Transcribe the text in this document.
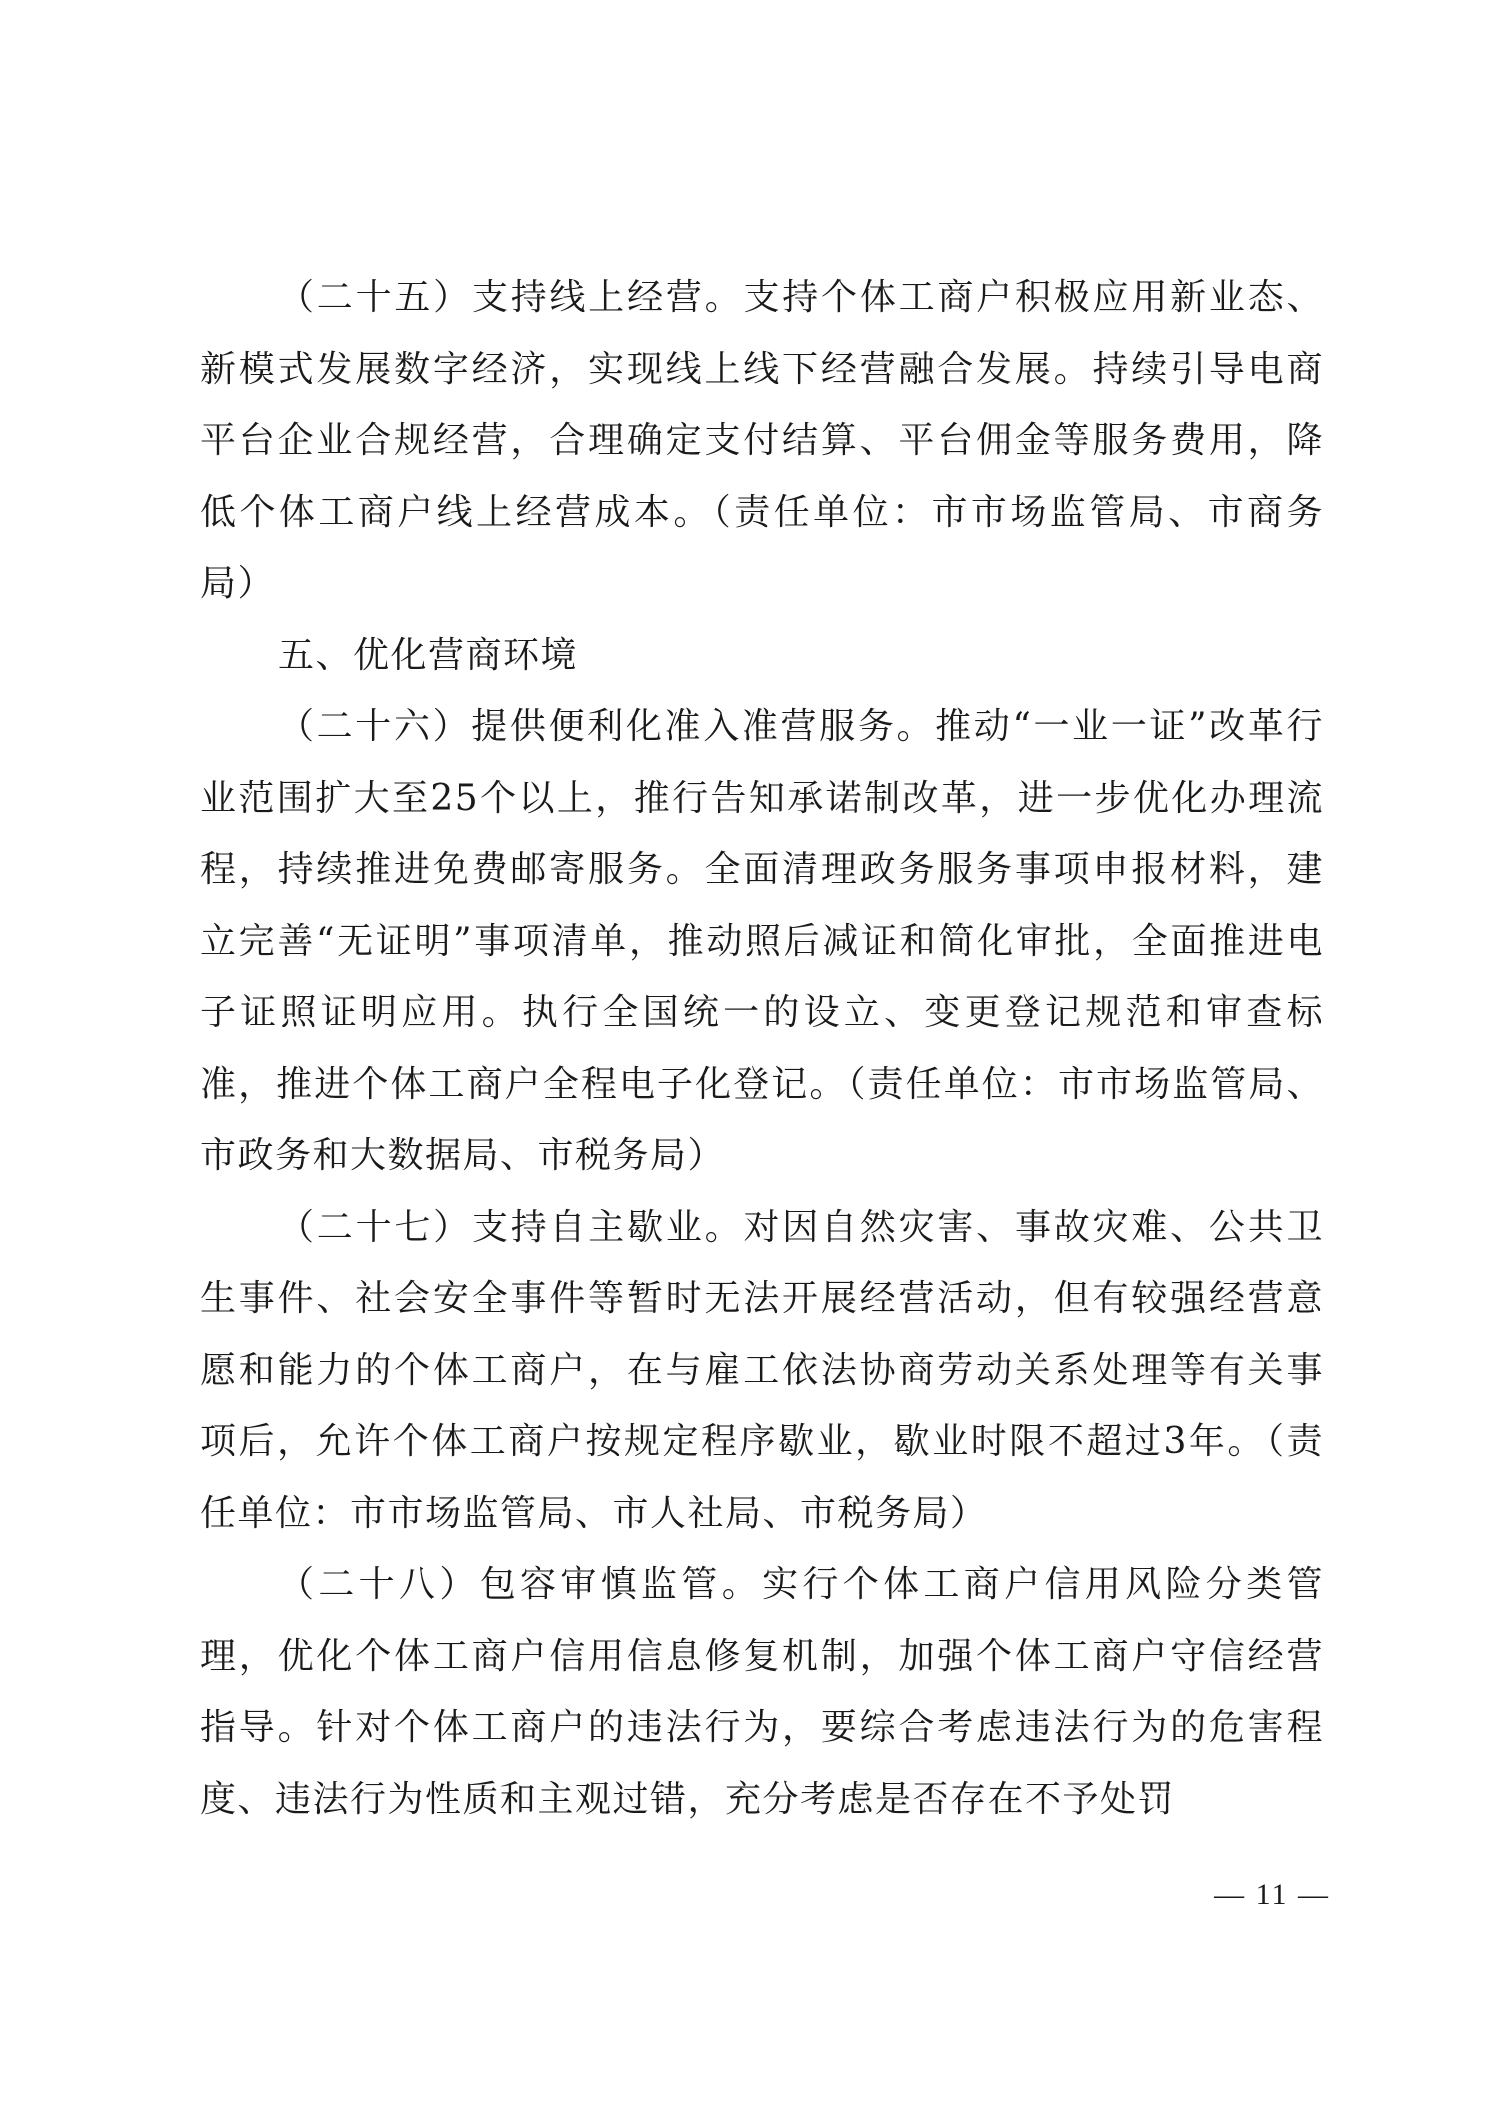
（二十五）支持线上经营。支持个体工商户积极应用新业态、新模式发展数字经济，实现线上线下经营融合发展。持续引导电商平台企业合规经营，合理确定支付结算、平台佣金等服务费用，降低个体工商户线上经营成本。（责任单位：市市场监管局、市商务局）

五、优化营商环境

（二十六）提供便利化准入准营服务。推动“一业一证”改革行业范围扩大至25个以上，推行告知承诺制改革，进一步优化办理流程，持续推进免费邮寄服务。全面清理政务服务事项申报材料，建立完善“无证明”事项清单，推动照后减证和简化审批，全面推进电子证照证明应用。执行全国统一的设立、变更登记规范和审查标准，推进个体工商户全程电子化登记。（责任单位：市市场监管局、市政务和大数据局、市税务局）

（二十七）支持自主歇业。对因自然灾害、事故灾难、公共卫生事件、社会安全事件等暂时无法开展经营活动，但有较强经营意愿和能力的个体工商户，在与雇工依法协商劳动关系处理等有关事项后，允许个体工商户按规定程序歇业，歇业时限不超过3年。（责任单位：市市场监管局、市人社局、市税务局）

（二十八）包容审慎监管。实行个体工商户信用风险分类管理，优化个体工商户信用信息修复机制，加强个体工商户守信经营指导。针对个体工商户的违法行为，要综合考虑违法行为的危害程度、违法行为性质和主观过错，充分考虑是否存在不予处罚

— 11 —
